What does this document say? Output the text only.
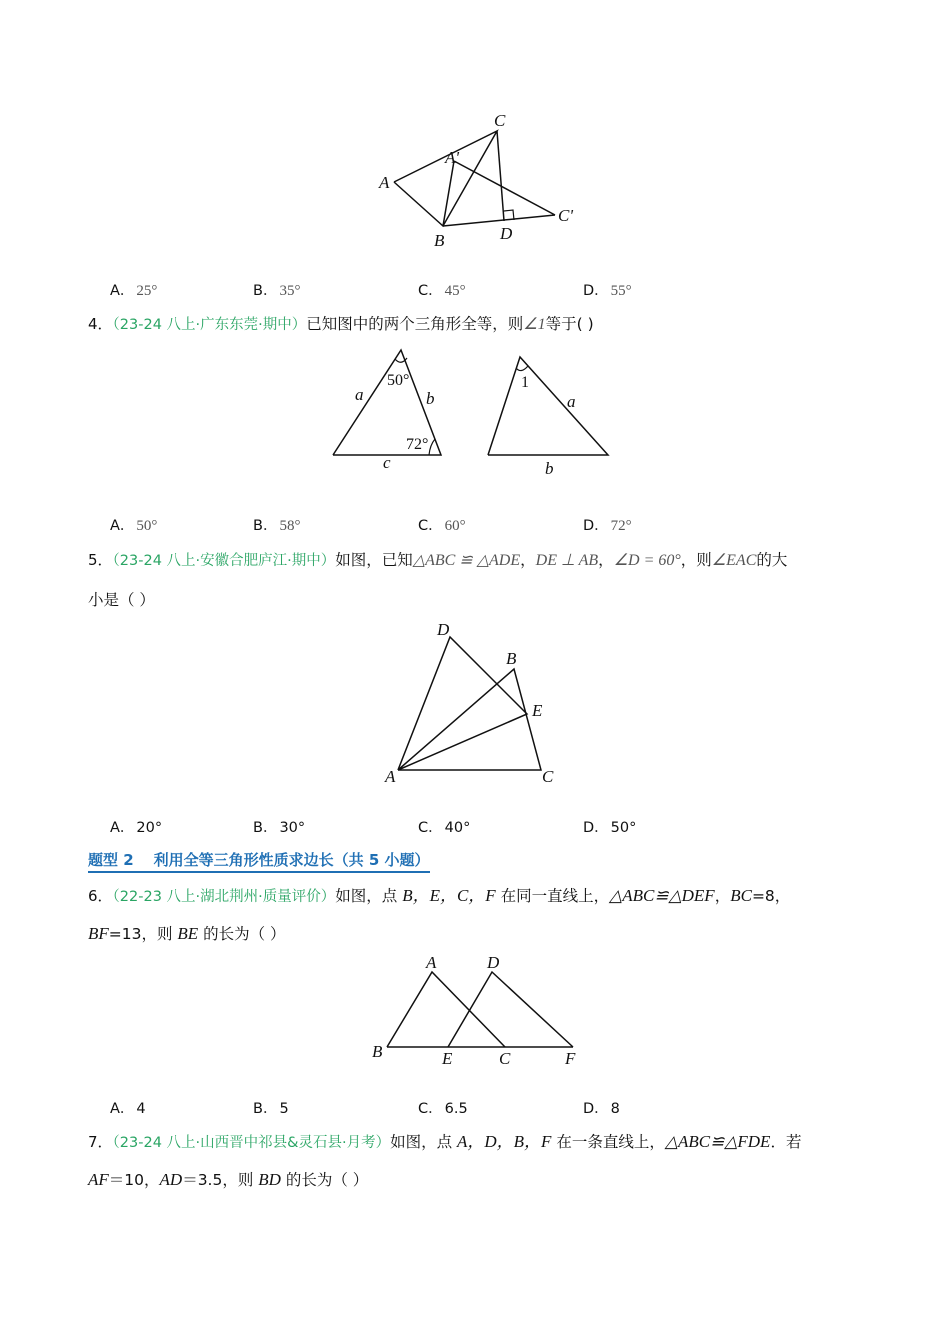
C
A'
A
C'
B	D
A． 25°	B． 35°	C． 45°	D． 55°
4．（23-24 八上·广东东莞·期中）已知图中的两个三角形全等，则∠1等于( )
50°
a	b
72°
c
1
a
b
A． 50°	B． 58°	C． 60°	D． 72°
5．（23-24 八上·安徽合肥庐江·期中）如图，已知△ABC ≌ △ADE，DE ⊥ AB，∠D = 60°，则∠EAC的大
小是（ ）
D
B
E
A	C
A． 20°	B． 30°	C． 40°	D． 50°
题型 2 利用全等三角形性质求边长（共 5 小题）
6．（22-23 八上·湖北荆州·质量评价）如图，点 B，E，C，F 在同一直线上，△ABC≌△DEF，BC=8，
BF=13，则 BE 的长为（ ）
A	D
B	E	C	F
A． 4	B． 5	C． 6.5	D． 8
7．（23-24 八上·山西晋中祁县&灵石县·月考）如图，点 A，D，B，F 在一条直线上，△ABC≌△FDE．若
AF＝10，AD＝3.5，则 BD 的长为（ ）
